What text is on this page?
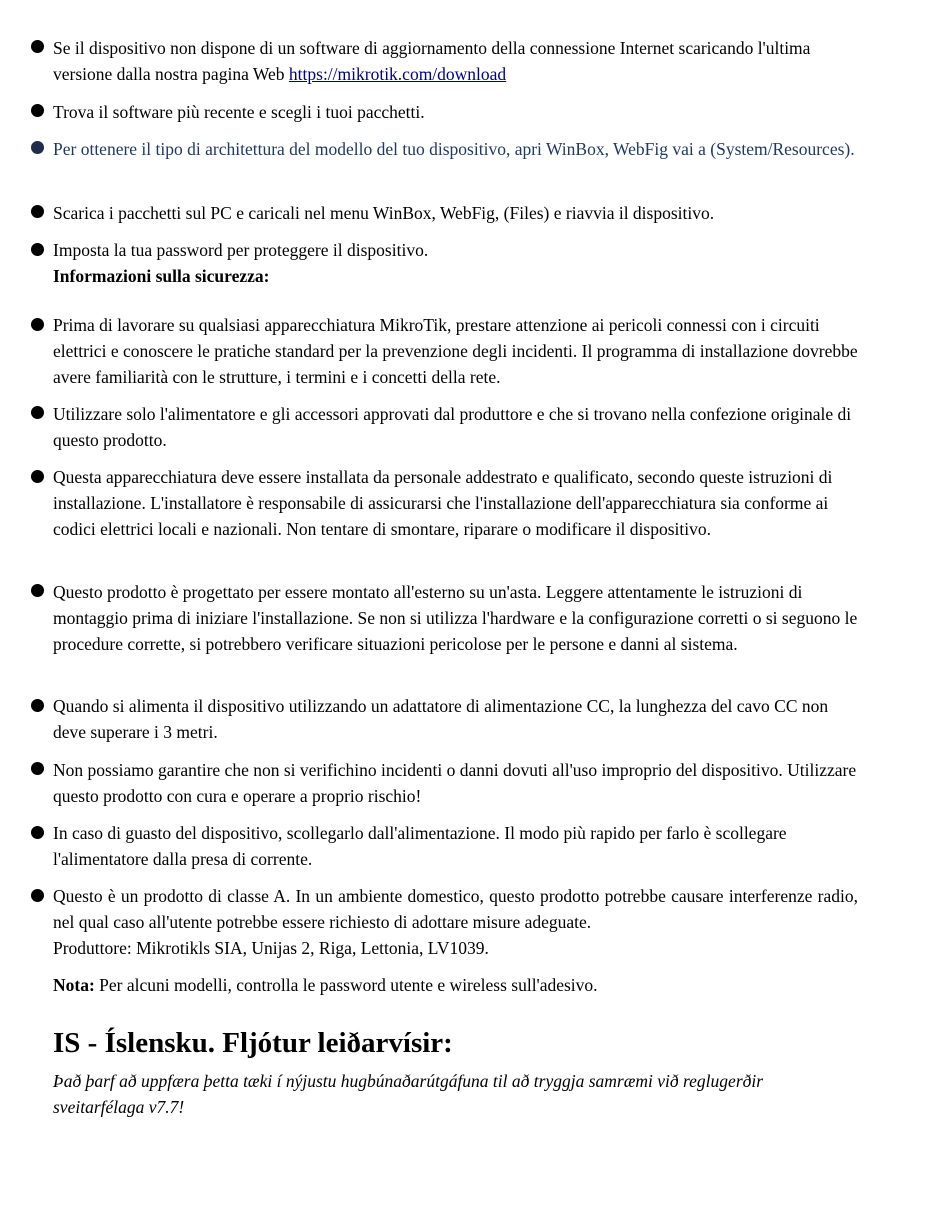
Se il dispositivo non dispone di un software di aggiornamento della connessione Internet scaricando l'ultima versione dalla nostra pagina Web https://mikrotik.com/download
Trova il software più recente e scegli i tuoi pacchetti.
Per ottenere il tipo di architettura del modello del tuo dispositivo, apri WinBox, WebFig vai a (System/Resources).
Scarica i pacchetti sul PC e caricali nel menu WinBox, WebFig, (Files) e riavvia il dispositivo.
Imposta la tua password per proteggere il dispositivo.
Informazioni sulla sicurezza:
Prima di lavorare su qualsiasi apparecchiatura MikroTik, prestare attenzione ai pericoli connessi con i circuiti elettrici e conoscere le pratiche standard per la prevenzione degli incidenti. Il programma di installazione dovrebbe avere familiarità con le strutture, i termini e i concetti della rete.
Utilizzare solo l'alimentatore e gli accessori approvati dal produttore e che si trovano nella confezione originale di questo prodotto.
Questa apparecchiatura deve essere installata da personale addestrato e qualificato, secondo queste istruzioni di installazione. L'installatore è responsabile di assicurarsi che l'installazione dell'apparecchiatura sia conforme ai codici elettrici locali e nazionali. Non tentare di smontare, riparare o modificare il dispositivo.
Questo prodotto è progettato per essere montato all'esterno su un'asta. Leggere attentamente le istruzioni di montaggio prima di iniziare l'installazione. Se non si utilizza l'hardware e la configurazione corretti o si seguono le procedure corrette, si potrebbero verificare situazioni pericolose per le persone e danni al sistema.
Quando si alimenta il dispositivo utilizzando un adattatore di alimentazione CC, la lunghezza del cavo CC non deve superare i 3 metri.
Non possiamo garantire che non si verifichino incidenti o danni dovuti all'uso improprio del dispositivo. Utilizzare questo prodotto con cura e operare a proprio rischio!
In caso di guasto del dispositivo, scollegarlo dall'alimentazione. Il modo più rapido per farlo è scollegare l'alimentatore dalla presa di corrente.
Questo è un prodotto di classe A. In un ambiente domestico, questo prodotto potrebbe causare interferenze radio, nel qual caso all'utente potrebbe essere richiesto di adottare misure adeguate.
Produttore: Mikrotikls SIA, Unijas 2, Riga, Lettonia, LV1039.
Nota: Per alcuni modelli, controlla le password utente e wireless sull'adesivo.
IS - Íslensku. Fljótur leiðarvísir:
Það þarf að uppfæra þetta tæki í nýjustu hugbúnaðarútgáfuna til að tryggja samræmi við reglugerðir sveitarfélaga v7.7!
